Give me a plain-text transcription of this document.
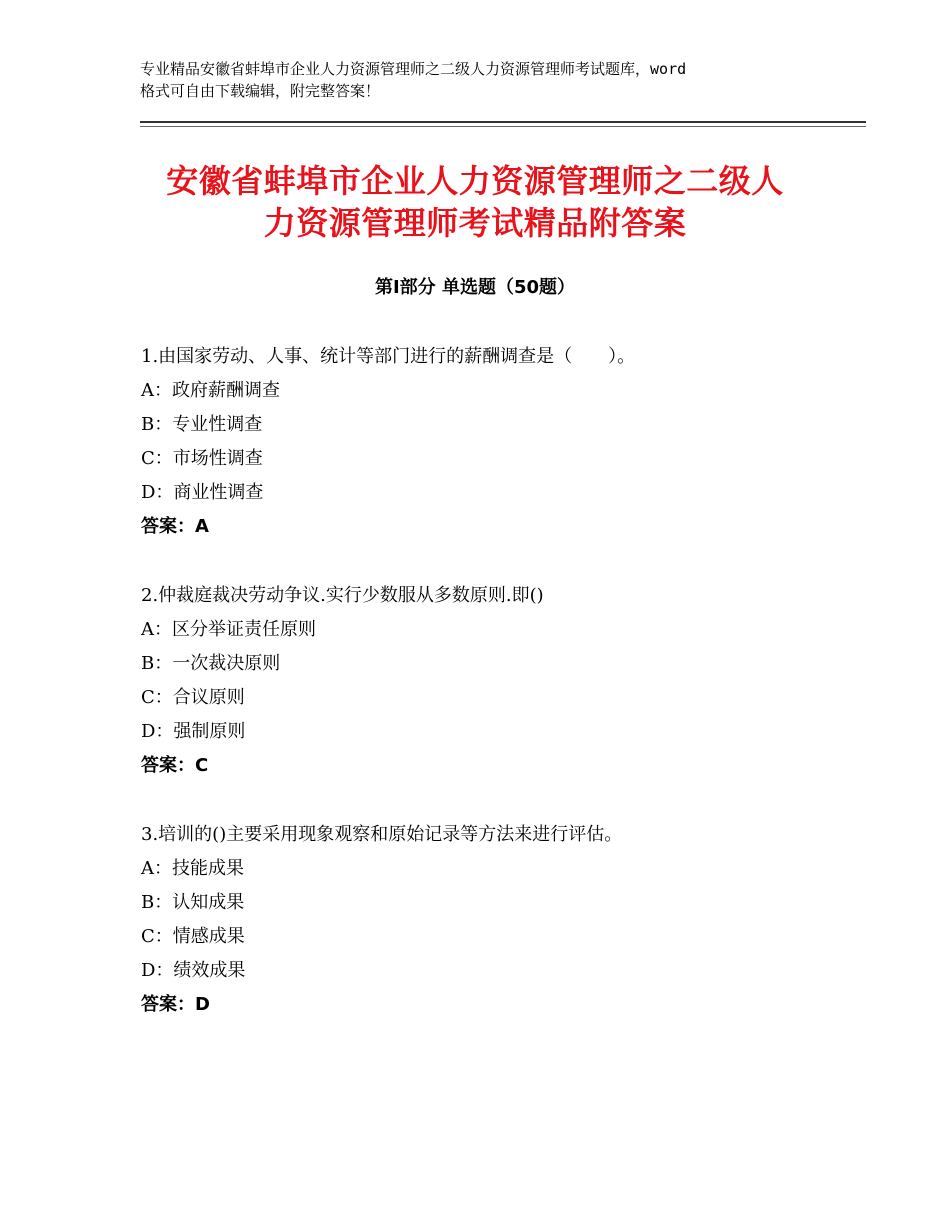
专业精品安徽省蚌埠市企业人力资源管理师之二级人力资源管理师考试题库，word
格式可自由下载编辑，附完整答案！
安徽省蚌埠市企业人力资源管理师之二级人
力资源管理师考试精品附答案
第Ⅰ部分 单选题（50题）
1.由国家劳动、人事、统计等部门进行的薪酬调查是（　　）。
A：政府薪酬调查
B：专业性调查
C：市场性调查
D：商业性调查
答案：A
2.仲裁庭裁决劳动争议.实行少数服从多数原则.即()
A：区分举证责任原则
B：一次裁决原则
C：合议原则
D：强制原则
答案：C
3.培训的()主要采用现象观察和原始记录等方法来进行评估。
A：技能成果
B：认知成果
C：情感成果
D：绩效成果
答案：D
